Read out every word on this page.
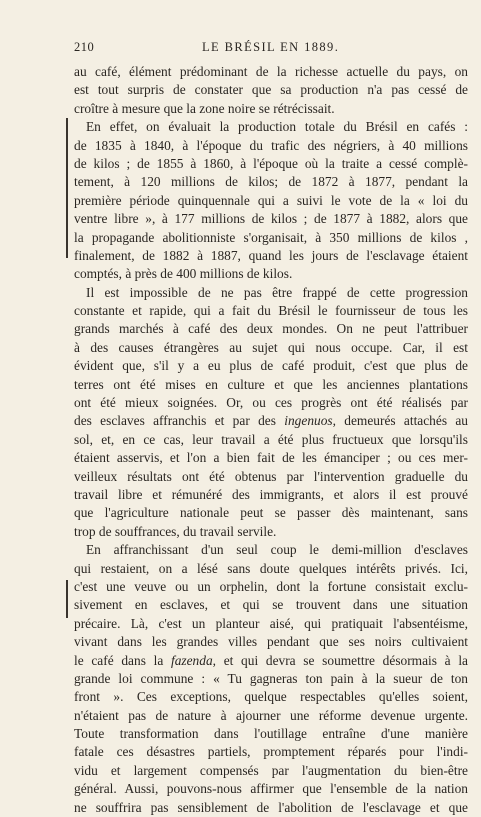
210	LE BRÉSIL EN 1889.
au café, élément prédominant de la richesse actuelle du pays, on
est tout surpris de constater que sa production n'a pas cessé de
croître à mesure que la zone noire se rétrécissait.
En effet, on évaluait la production totale du Brésil en cafés :
de 1835 à 1840, à l'époque du trafic des négriers, à 40 millions
de kilos ; de 1855 à 1860, à l'époque où la traite a cessé complè-
tement, à 120 millions de kilos; de 1872 à 1877, pendant la
première période quinquennale qui a suivi le vote de la « loi du
ventre libre », à 177 millions de kilos ; de 1877 à 1882, alors que
la propagande abolitionniste s'organisait, à 350 millions de kilos ,
finalement, de 1882 à 1887, quand les jours de l'esclavage étaient
comptés, à près de 400 millions de kilos.
Il est impossible de ne pas être frappé de cette progression
constante et rapide, qui a fait du Brésil le fournisseur de tous les
grands marchés à café des deux mondes. On ne peut l'attribuer
à des causes étrangères au sujet qui nous occupe. Car, il est
évident que, s'il y a eu plus de café produit, c'est que plus de
terres ont été mises en culture et que les anciennes plantations
ont été mieux soignées. Or, ou ces progrès ont été réalisés par
des esclaves affranchis et par des ingenuos, demeurés attachés au
sol, et, en ce cas, leur travail a été plus fructueux que lorsqu'ils
étaient asservis, et l'on a bien fait de les émanciper ; ou ces mer-
veilleux résultats ont été obtenus par l'intervention graduelle du
travail libre et rémunéré des immigrants, et alors il est prouvé
que l'agriculture nationale peut se passer dès maintenant, sans
trop de souffrances, du travail servile.
En affranchissant d'un seul coup le demi-million d'esclaves
qui restaient, on a lésé sans doute quelques intérêts privés. Ici,
c'est une veuve ou un orphelin, dont la fortune consistait exclu-
sivement en esclaves, et qui se trouvent dans une situation
précaire. Là, c'est un planteur aisé, qui pratiquait l'absentéisme,
vivant dans les grandes villes pendant que ses noirs cultivaient
le café dans la fazenda, et qui devra se soumettre désormais à la
grande loi commune : « Tu gagneras ton pain à la sueur de ton
front ». Ces exceptions, quelque respectables qu'elles soient,
n'étaient pas de nature à ajourner une réforme devenue urgente.
Toute transformation dans l'outillage entraîne d'une manière
fatale ces désastres partiels, promptement réparés pour l'indi-
vidu et largement compensés par l'augmentation du bien-être
général. Aussi, pouvons-nous affirmer que l'ensemble de la nation
ne souffrira pas sensiblement de l'abolition de l'esclavage et que
